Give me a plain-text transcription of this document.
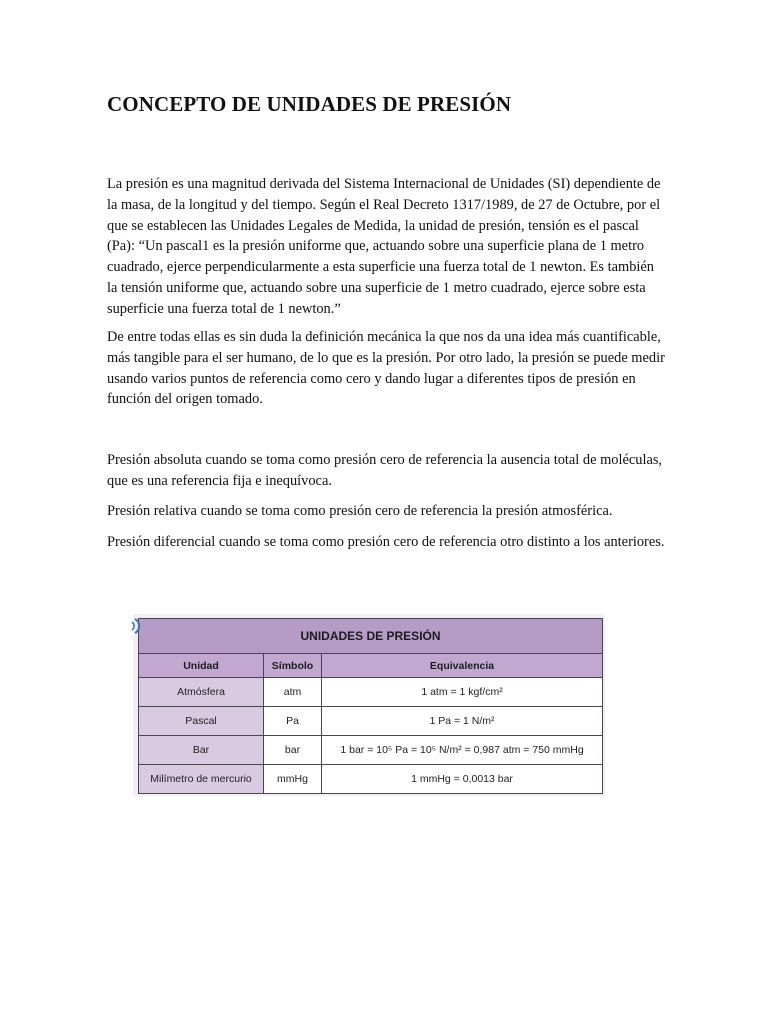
CONCEPTO DE UNIDADES DE PRESIÓN

La presión es una magnitud derivada del Sistema Internacional de Unidades (SI) dependiente de la masa, de la longitud y del tiempo. Según el Real Decreto 1317/1989, de 27 de Octubre, por el que se establecen las Unidades Legales de Medida, la unidad de presión, tensión es el pascal (Pa): “Un pascal1 es la presión uniforme que, actuando sobre una superficie plana de 1 metro cuadrado, ejerce perpendicularmente a esta superficie una fuerza total de 1 newton. Es también la tensión uniforme que, actuando sobre una superficie de 1 metro cuadrado, ejerce sobre esta superficie una fuerza total de 1 newton.”

De entre todas ellas es sin duda la definición mecánica la que nos da una idea más cuantificable, más tangible para el ser humano, de lo que es la presión. Por otro lado, la presión se puede medir usando varios puntos de referencia como cero y dando lugar a diferentes tipos de presión en función del origen tomado.

Presión absoluta cuando se toma como presión cero de referencia la ausencia total de moléculas, que es una referencia fija e inequívoca.

Presión relativa cuando se toma como presión cero de referencia la presión atmosférica.

Presión diferencial cuando se toma como presión cero de referencia otro distinto a los anteriores.

UNIDADES DE PRESIÓN		
Unidad	Símbolo	Equivalencia
Atmósfera	atm	1 atm = 1 kgf/cm²
Pascal	Pa	1 Pa = 1 N/m²
Bar	bar	1 bar = 10⁵ Pa = 10⁵ N/m² = 0,987 atm = 750 mmHg
Milímetro de mercurio	mmHg	1 mmHg = 0,0013 bar
